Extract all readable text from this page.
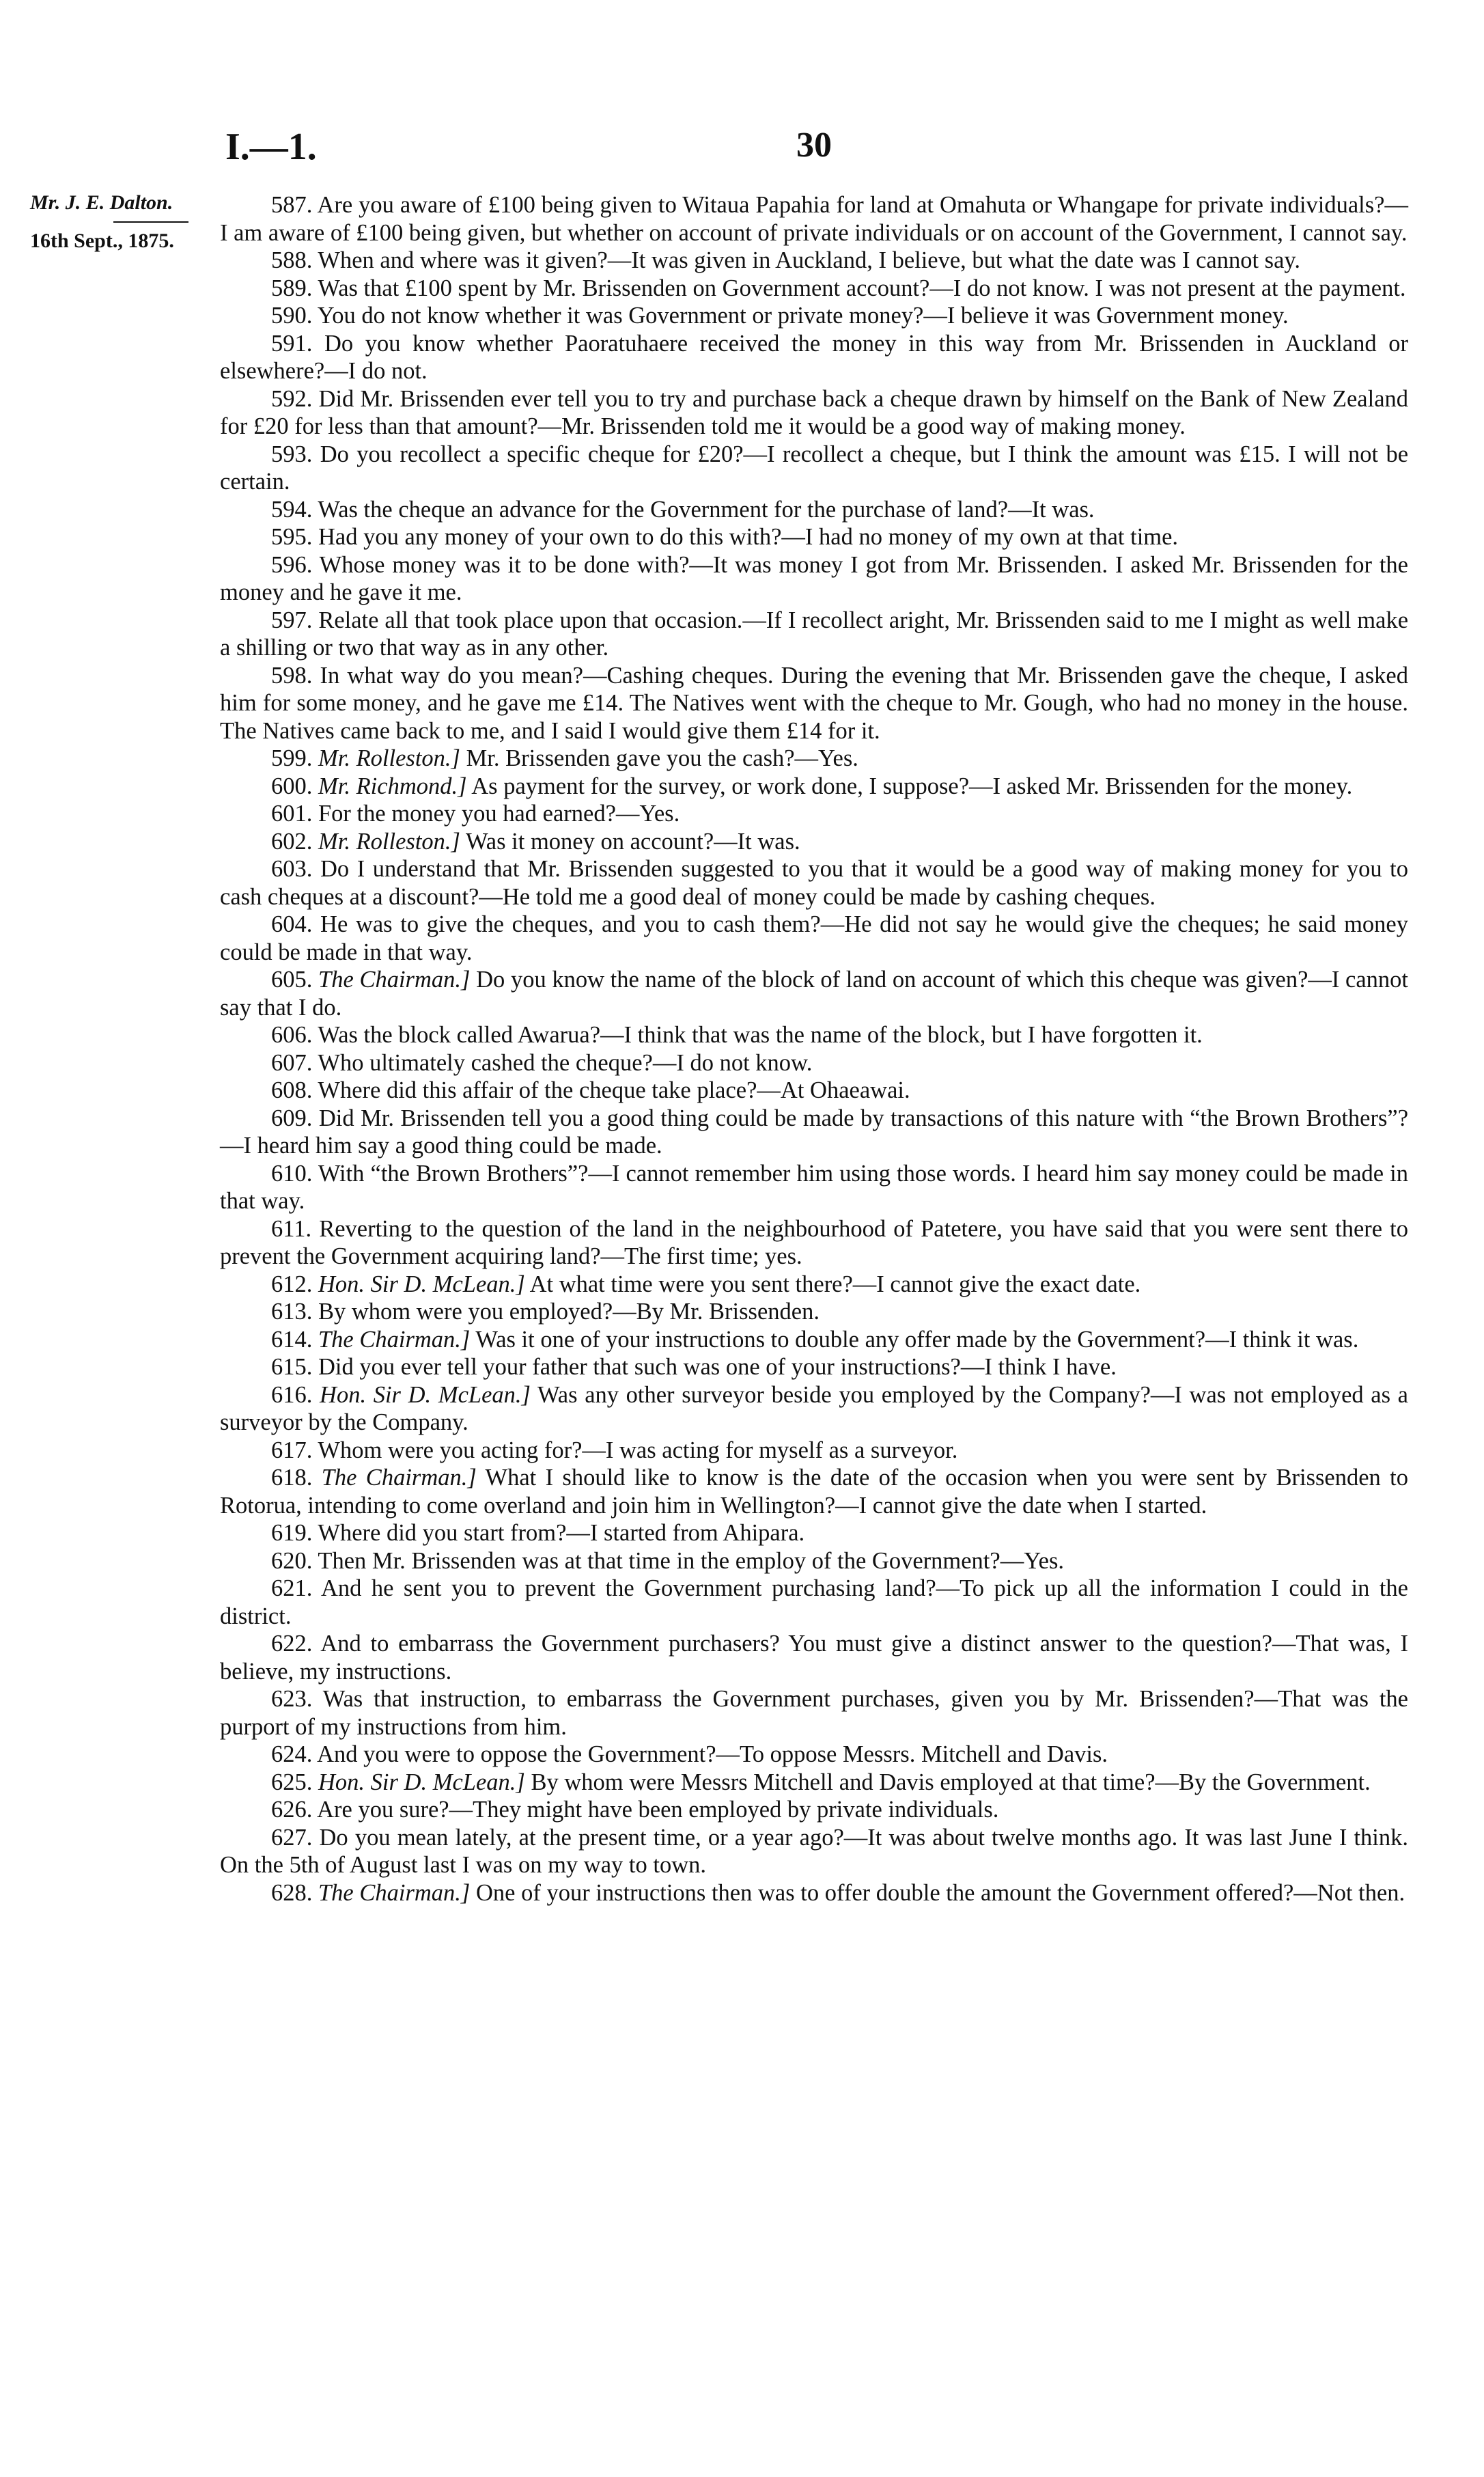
I.—1.	30
Mr. J. E. Dalton.
16th Sept., 1875.

587. Are you aware of £100 being given to Witaua Papahia for land at Omahuta or Whangape for private individuals?—I am aware of £100 being given, but whether on account of private individuals or on account of the Government, I cannot say.

588. When and where was it given?—It was given in Auckland, I believe, but what the date was I cannot say.

589. Was that £100 spent by Mr. Brissenden on Government account?—I do not know. I was not present at the payment.

590. You do not know whether it was Government or private money?—I believe it was Government money.

591. Do you know whether Paoratuhaere received the money in this way from Mr. Brissenden in Auckland or elsewhere?—I do not.

592. Did Mr. Brissenden ever tell you to try and purchase back a cheque drawn by himself on the Bank of New Zealand for £20 for less than that amount?—Mr. Brissenden told me it would be a good way of making money.

593. Do you recollect a specific cheque for £20?—I recollect a cheque, but I think the amount was £15. I will not be certain.

594. Was the cheque an advance for the Government for the purchase of land?—It was.

595. Had you any money of your own to do this with?—I had no money of my own at that time.

596. Whose money was it to be done with?—It was money I got from Mr. Brissenden. I asked Mr. Brissenden for the money and he gave it me.

597. Relate all that took place upon that occasion.—If I recollect aright, Mr. Brissenden said to me I might as well make a shilling or two that way as in any other.

598. In what way do you mean?—Cashing cheques. During the evening that Mr. Brissenden gave the cheque, I asked him for some money, and he gave me £14. The Natives went with the cheque to Mr. Gough, who had no money in the house. The Natives came back to me, and I said I would give them £14 for it.

599. Mr. Rolleston.] Mr. Brissenden gave you the cash?—Yes.

600. Mr. Richmond.] As payment for the survey, or work done, I suppose?—I asked Mr. Brissenden for the money.

601. For the money you had earned?—Yes.

602. Mr. Rolleston.] Was it money on account?—It was.

603. Do I understand that Mr. Brissenden suggested to you that it would be a good way of making money for you to cash cheques at a discount?—He told me a good deal of money could be made by cashing cheques.

604. He was to give the cheques, and you to cash them?—He did not say he would give the cheques; he said money could be made in that way.

605. The Chairman.] Do you know the name of the block of land on account of which this cheque was given?—I cannot say that I do.

606. Was the block called Awarua?—I think that was the name of the block, but I have forgotten it.

607. Who ultimately cashed the cheque?—I do not know.

608. Where did this affair of the cheque take place?—At Ohaeawai.

609. Did Mr. Brissenden tell you a good thing could be made by transactions of this nature with “the Brown Brothers”?—I heard him say a good thing could be made.

610. With “the Brown Brothers”?—I cannot remember him using those words. I heard him say money could be made in that way.

611. Reverting to the question of the land in the neighbourhood of Patetere, you have said that you were sent there to prevent the Government acquiring land?—The first time; yes.

612. Hon. Sir D. McLean.] At what time were you sent there?—I cannot give the exact date.

613. By whom were you employed?—By Mr. Brissenden.

614. The Chairman.] Was it one of your instructions to double any offer made by the Government?—I think it was.

615. Did you ever tell your father that such was one of your instructions?—I think I have.

616. Hon. Sir D. McLean.] Was any other surveyor beside you employed by the Company?—I was not employed as a surveyor by the Company.

617. Whom were you acting for?—I was acting for myself as a surveyor.

618. The Chairman.] What I should like to know is the date of the occasion when you were sent by Brissenden to Rotorua, intending to come overland and join him in Wellington?—I cannot give the date when I started.

619. Where did you start from?—I started from Ahipara.

620. Then Mr. Brissenden was at that time in the employ of the Government?—Yes.

621. And he sent you to prevent the Government purchasing land?—To pick up all the information I could in the district.

622. And to embarrass the Government purchasers? You must give a distinct answer to the question?—That was, I believe, my instructions.

623. Was that instruction, to embarrass the Government purchases, given you by Mr. Brissenden?—That was the purport of my instructions from him.

624. And you were to oppose the Government?—To oppose Messrs. Mitchell and Davis.

625. Hon. Sir D. McLean.] By whom were Messrs Mitchell and Davis employed at that time?—By the Government.

626. Are you sure?—They might have been employed by private individuals.

627. Do you mean lately, at the present time, or a year ago?—It was about twelve months ago. It was last June I think. On the 5th of August last I was on my way to town.

628. The Chairman.] One of your instructions then was to offer double the amount the Government offered?—Not then.
